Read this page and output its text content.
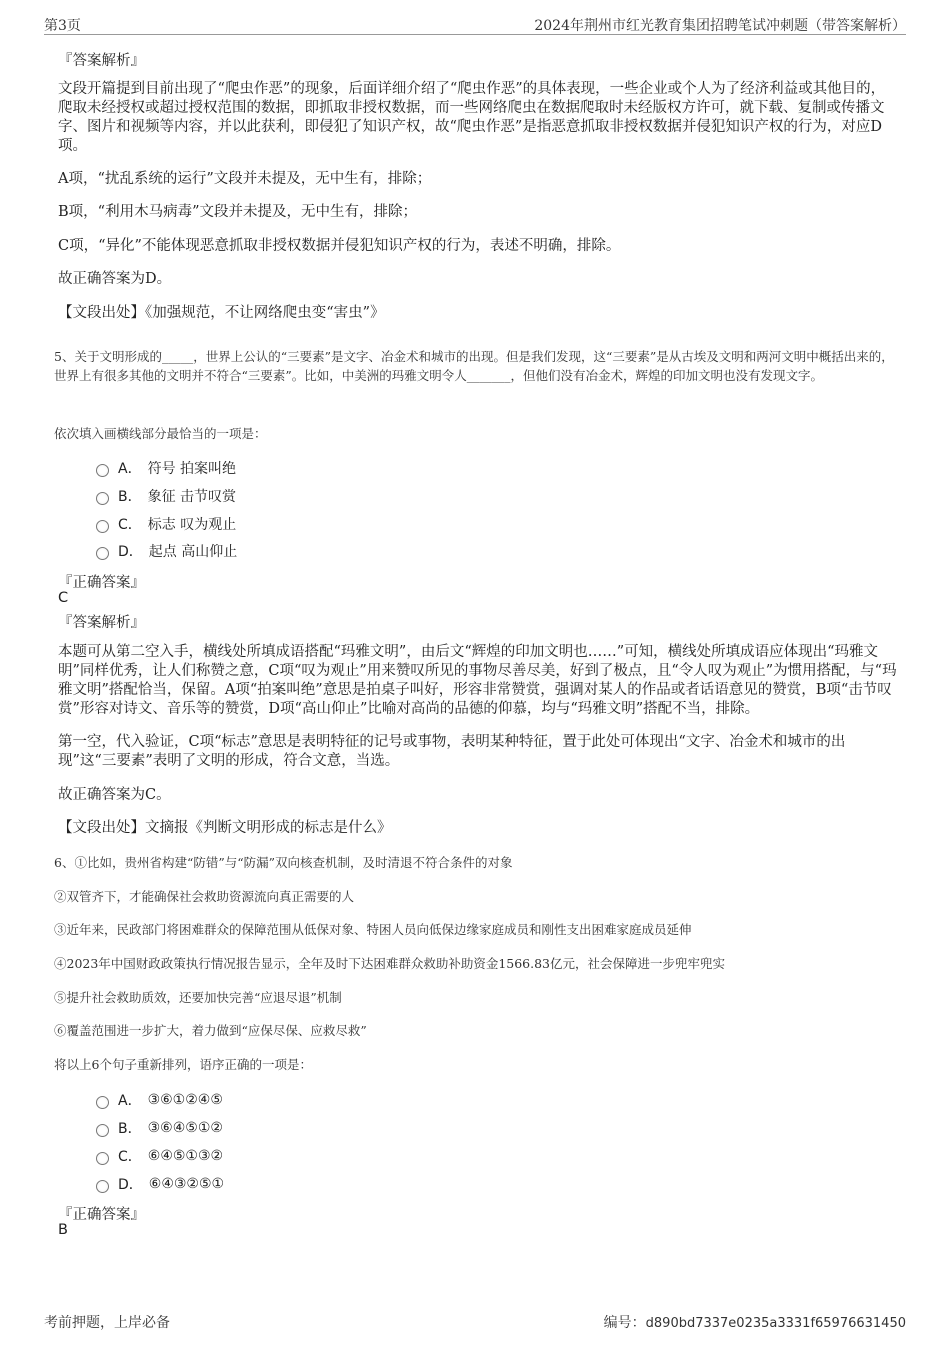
第3页	2024年荆州市红光教育集团招聘笔试冲刺题（带答案解析）
『答案解析』
文段开篇提到目前出现了“爬虫作恶”的现象，后面详细介绍了“爬虫作恶”的具体表现，一些企业或个人为了经济利益或其他目的，爬取未经授权或超过授权范围的数据，即抓取非授权数据，而一些网络爬虫在数据爬取时未经版权方许可，就下载、复制或传播文字、图片和视频等内容，并以此获利，即侵犯了知识产权，故“爬虫作恶”是指恶意抓取非授权数据并侵犯知识产权的行为，对应D项。
A项，“扰乱系统的运行”文段并未提及，无中生有，排除；
B项，“利用木马病毒”文段并未提及，无中生有，排除；
C项，“异化”不能体现恶意抓取非授权数据并侵犯知识产权的行为，表述不明确，排除。
故正确答案为D。
【文段出处】《加强规范，不让网络爬虫变“害虫”》
5、关于文明形成的_____，世界上公认的“三要素”是文字、冶金术和城市的出现。但是我们发现，这“三要素”是从古埃及文明和两河文明中概括出来的，世界上有很多其他的文明并不符合“三要素”。比如，中美洲的玛雅文明令人_______，但他们没有冶金术，辉煌的印加文明也没有发现文字。
依次填入画横线部分最恰当的一项是：
A． 符号 拍案叫绝
B． 象征 击节叹赏
C． 标志 叹为观止
D． 起点 高山仰止
『正确答案』
C
『答案解析』
本题可从第二空入手，横线处所填成语搭配“玛雅文明”，由后文“辉煌的印加文明也……”可知，横线处所填成语应体现出“玛雅文明”同样优秀，让人们称赞之意，C项“叹为观止”用来赞叹所见的事物尽善尽美，好到了极点，且“令人叹为观止”为惯用搭配，与“玛雅文明”搭配恰当，保留。A项“拍案叫绝”意思是拍桌子叫好，形容非常赞赏，强调对某人的作品或者话语意见的赞赏，B项“击节叹赏”形容对诗文、音乐等的赞赏，D项“高山仰止”比喻对高尚的品德的仰慕，均与“玛雅文明”搭配不当，排除。
第一空，代入验证，C项“标志”意思是表明特征的记号或事物，表明某种特征，置于此处可体现出“文字、冶金术和城市的出现”这“三要素”表明了文明的形成，符合文意，当选。
故正确答案为C。
【文段出处】文摘报《判断文明形成的标志是什么》
6、①比如，贵州省构建“防错”与“防漏”双向核查机制，及时清退不符合条件的对象
②双管齐下，才能确保社会救助资源流向真正需要的人
③近年来，民政部门将困难群众的保障范围从低保对象、特困人员向低保边缘家庭成员和刚性支出困难家庭成员延伸
④2023年中国财政政策执行情况报告显示，全年及时下达困难群众救助补助资金1566.83亿元，社会保障进一步兜牢兜实
⑤提升社会救助质效，还要加快完善“应退尽退”机制
⑥覆盖范围进一步扩大，着力做到“应保尽保、应救尽救”
将以上6个句子重新排列，语序正确的一项是：
A． ③⑥①②④⑤
B． ③⑥④⑤①②
C． ⑥④⑤①③②
D． ⑥④③②⑤①
『正确答案』
B
考前押题，上岸必备	编号：d890bd7337e0235a3331f65976631450
